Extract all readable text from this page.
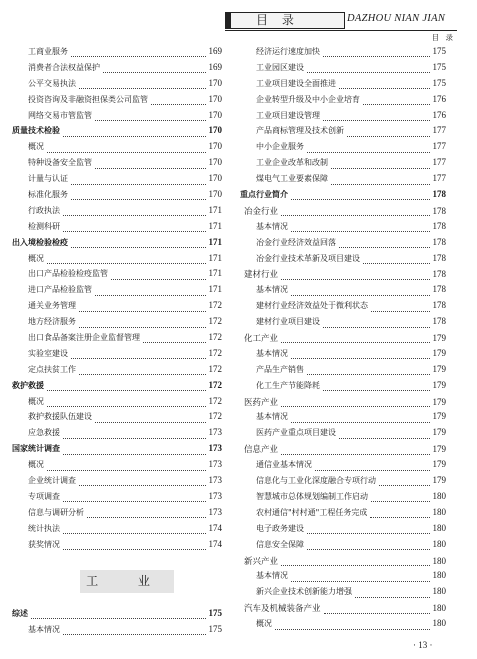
目 录	DAZHOU NIAN JIAN
目 录
工商业服务	169
消费者合法权益保护	169
公平交易执法	170
投资咨询及非融资担保类公司监管	170
网络交易市管监管	170
质量技术检验	170
概况	170
特种设备安全监管	170
计量与认证	170
标准化服务	170
行政执法	171
检测科研	171
出入境检验检疫	171
概况	171
出口产品检验检疫监管	171
进口产品检验监管	171
通关业务管理	172
地方经济服务	172
出口食品备案注册企业监督管理	172
实验室建设	172
定点扶贫工作	172
救护救援	172
概况	172
救护救援队伍建设	172
应急救援	173
国家统计调查	173
概况	173
企业统计调查	173
专项调查	173
信息与调研分析	173
统计执法	174
获奖情况	174
工 业
综述	175
基本情况	175
经济运行速度加快	175
工业园区建设	175
工业项目建设全面推进	175
企业转型升级及中小企业培育	176
工业项目建设管理	176
产品商标管理及技术创新	177
中小企业服务	177
工业企业改革和改制	177
煤电气工业要素保障	177
重点行业简介	178
冶金行业	178
基本情况	178
冶金行业经济效益回落	178
冶金行业技术革新及项目建设	178
建材行业	178
基本情况	178
建材行业经济效益处于微利状态	178
建材行业项目建设	178
化工产业	179
基本情况	179
产品生产销售	179
化工生产节能降耗	179
医药产业	179
基本情况	179
医药产业重点项目建设	179
信息产业	179
通信业基本情况	179
信息化与工业化深度融合专项行动	179
智慧城市总体规划编制工作启动	180
农村通信"村村通"工程任务完成	180
电子政务建设	180
信息安全保障	180
新兴产业	180
基本情况	180
新兴企业技术创新能力增强	180
汽车及机械装备产业	180
概况	180
· 13 ·
